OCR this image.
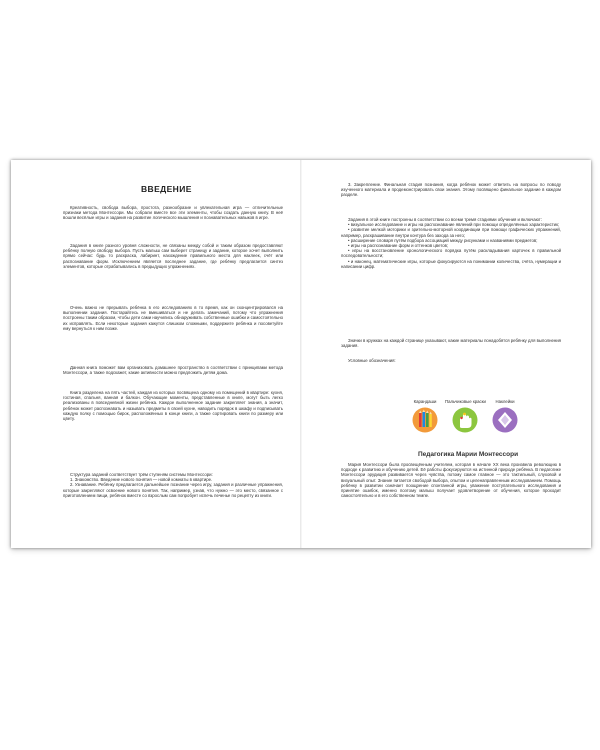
ВВЕДЕНИЕ

Креативность, свобода выбора, простота, разнообразие и увлекательная игра — отличительные признаки метода Монтессори. Мы собрали вместе все эти элементы, чтобы создать данную книгу. В неё вошли весёлые игры и задания на развитие логического мышления и познавательных навыков в игре.

Задания в книге разного уровня сложности, не связаны между собой и таким образом предоставляют ребёнку полную свободу выбора. Пусть малыш сам выберет страницу и задание, которое хочет выполнить прямо сейчас: будь то раскраска, лабиринт, нахождение правильного места для наклеек, счёт или распознавание форм. Исключением является последнее задание, где ребёнку предлагается синтез элементов, которые отрабатывались в предыдущих упражнениях.

Очень важно не прерывать ребёнка в его исследованиях в то время, как он сконцентрировался на выполнении задания. Постарайтесь не вмешиваться и не делать замечаний, потому что упражнения построены таким образом, чтобы дети сами научились обнаруживать собственные ошибки и самостоятельно их исправлять. Если некоторые задания кажутся слишком сложными, поддержите ребёнка и посоветуйте ему вернуться к ним позже.

Данная книга поможет вам организовать домашнее пространство в соответствии с принципами метода Монтессори, а также подскажет, какие активности можно предложить детям дома.

Книга разделена на пять частей, каждая из которых посвящена одному из помещений в квартире: кухня, гостиная, спальня, ванная и балкон. Обучающие моменты, представленные в книге, могут быть легко реализованы в повседневной жизни ребёнка. Каждое выполненное задание закрепляет знания, а значит, ребёнок может распознавать и называть предметы в своей кухне, наводить порядок в шкафу и подписывать каждую полку с помощью бирок, расположённых в конце книги, а также сортировать книги по размеру или цвету.

Структура заданий соответствует трём ступеням системы Монтессори:

1. Знакомство. Введение нового понятия — новой комнаты в квартире.

2. Узнавание. Ребёнку предлагается дальнейшее познание через игру, задания и различные упражнения, которые закрепляют освоение нового понятия. Так, например, узнав, что нужно — это место, связанное с приготовлением пищи, ребёнок вместе со взрослым сам попробует испечь печенье по рецепту из книги.

3. Закрепление. Финальная стадия познания, когда ребёнок может ответить на вопросы по поводу изученного материала и продемонстрировать свои знания. Этому посвящено финальное задание в каждом разделе.

Задания в этой книге построены в соответствии со всеми тремя стадиями обучения и включают:

• визуальное исследование и игры на распознавание явлений при помощи определённых характеристик;

• развитие мелкой моторики и зрительно-моторной координации при помощи графических упражнений, например, раскрашивание внутри контура без захода за него;

• расширение словаря путём подбора ассоциаций между рисунками и названиями предметов;

• игры на распознавание форм и оттенков цветов;

• игры на восстановление хронологического порядка путём раскладывания карточек в правильной последовательности;

• и наконец, математические игры, которые фокусируются на понимании количества, счёта, нумерации и написании цифр.

Значки в кружках на каждой странице указывают, какие материалы понадобятся ребёнку для выполнения задания.

Условные обозначения:

Карандаши	Пальчиковые краски	Наклейки
Педагогика Марии Монтессори

Мария Монтессори была просвещённым учителем, которая в начале XX века произвела революцию в подходе к развитию и обучению детей. Её работы фокусируются на истинной природе ребёнка. В педагогике Монтессори эрудиция развивается через чувства, потому самое главное — это тактильный, слуховой и визуальный опыт. Знание питается свободой выбора, опытом и целенаправленным исследованием. Помощь ребёнку в развитии означает поощрение спонтанной игры, уважение поступательного исследования и принятие ошибок, именно поэтому малыш получает удовлетворение от обучения, которое проходит самостоятельно и в его собственном темпе.
